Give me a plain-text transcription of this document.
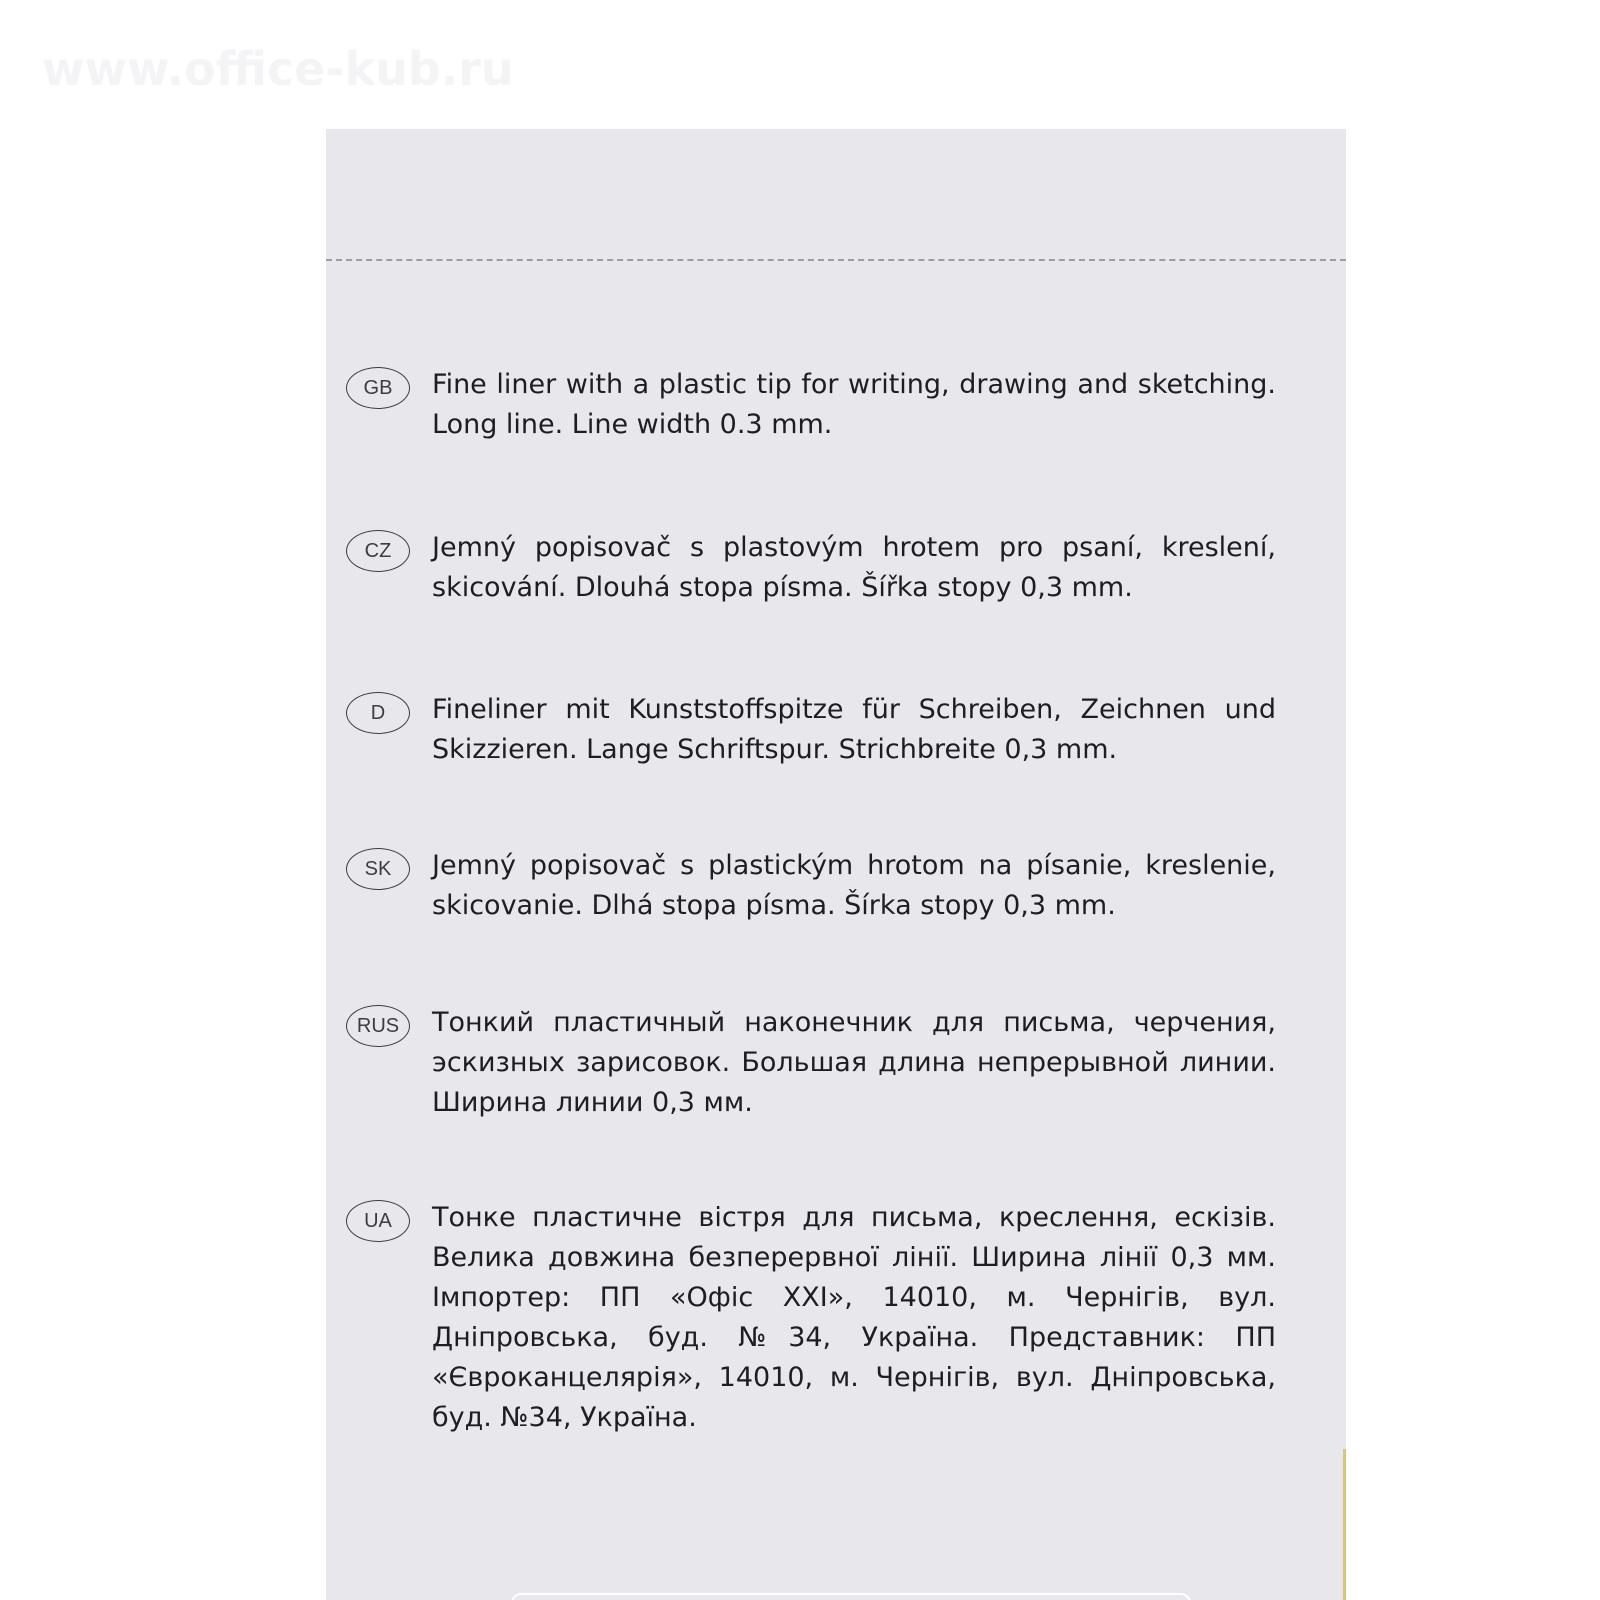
www.office-kub.ru
GB	Fine liner with a plastic tip for writing, drawing and sketching. Long line. Line width 0.3 mm.
CZ	Jemný popisovač s plastovým hrotem pro psaní, kreslení, skicování. Dlouhá stopa písma. Šířka stopy 0,3 mm.
D	Fineliner mit Kunststoffspitze für Schreiben, Zeichnen und Skizzieren. Lange Schriftspur. Strichbreite 0,3 mm.
SK	Jemný popisovač s plastickým hrotom na písanie, kreslenie, skicovanie. Dlhá stopa písma. Šírka stopy 0,3 mm.
RUS	Тонкий пластичный наконечник для письма, черчения, эскизных зарисовок. Большая длина непрерывной линии. Ширина линии 0,3 мм.
UA	Тонке пластичне вістря для письма, креслення, ескізів. Велика довжина безперервної лінії. Ширина лінії 0,3 мм. Імпортер: ПП «Офіс XXI», 14010, м. Чернігів, вул. Дніпровська, буд. №34, Україна. Представник: ПП «Євроканцелярія», 14010, м. Чернігів, вул. Дніпровська, буд. №34, Україна.
